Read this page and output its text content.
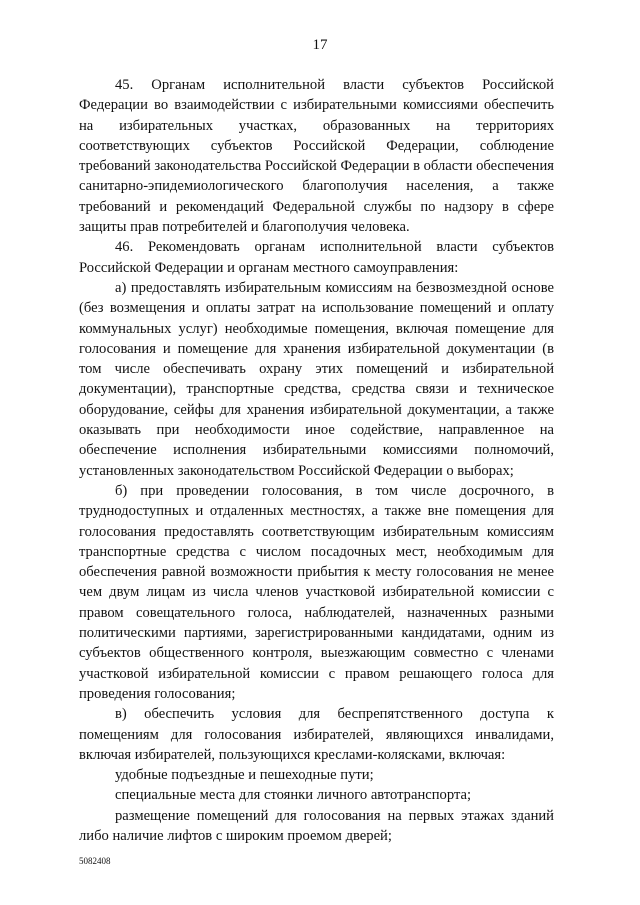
17

45. Органам исполнительной власти субъектов Российской Федерации во взаимодействии с избирательными комиссиями обеспечить на избирательных участках, образованных на территориях соответствующих субъектов Российской Федерации, соблюдение требований законодательства Российской Федерации в области обеспечения санитарно-эпидемиологического благополучия населения, а также требований и рекомендаций Федеральной службы по надзору в сфере защиты прав потребителей и благополучия человека.

46. Рекомендовать органам исполнительной власти субъектов Российской Федерации и органам местного самоуправления:

а) предоставлять избирательным комиссиям на безвозмездной основе (без возмещения и оплаты затрат на использование помещений и оплату коммунальных услуг) необходимые помещения, включая помещение для голосования и помещение для хранения избирательной документации (в том числе обеспечивать охрану этих помещений и избирательной документации), транспортные средства, средства связи и техническое оборудование, сейфы для хранения избирательной документации, а также оказывать при необходимости иное содействие, направленное на обеспечение исполнения избирательными комиссиями полномочий, установленных законодательством Российской Федерации о выборах;

б) при проведении голосования, в том числе досрочного, в труднодоступных и отдаленных местностях, а также вне помещения для голосования предоставлять соответствующим избирательным комиссиям транспортные средства с числом посадочных мест, необходимым для обеспечения равной возможности прибытия к месту голосования не менее чем двум лицам из числа членов участковой избирательной комиссии с правом совещательного голоса, наблюдателей, назначенных разными политическими партиями, зарегистрированными кандидатами, одним из субъектов общественного контроля, выезжающим совместно с членами участковой избирательной комиссии с правом решающего голоса для проведения голосования;

в) обеспечить условия для беспрепятственного доступа к помещениям для голосования избирателей, являющихся инвалидами, включая избирателей, пользующихся креслами-колясками, включая:

удобные подъездные и пешеходные пути;

специальные места для стоянки личного автотранспорта;

размещение помещений для голосования на первых этажах зданий либо наличие лифтов с широким проемом дверей;

5082408
